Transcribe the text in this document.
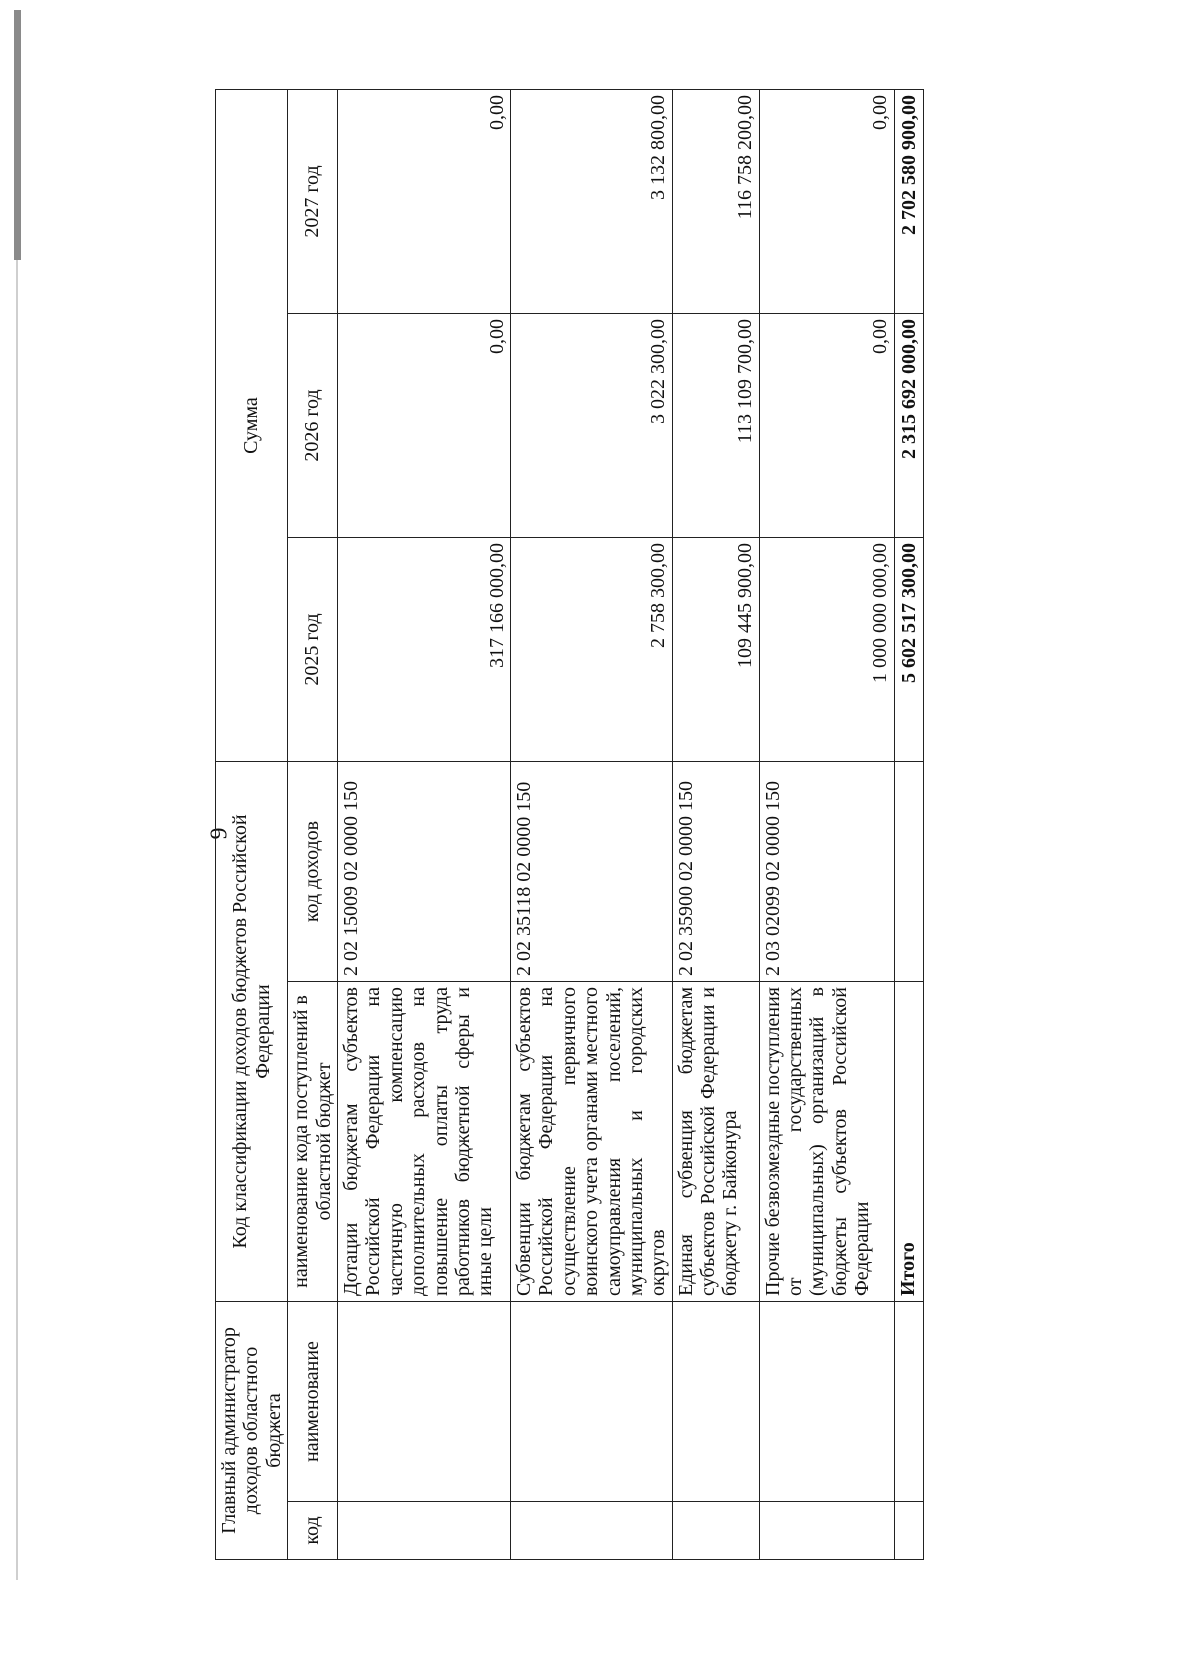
9
Главный администратор доходов областного бюджета		Код классификации доходов бюджетов Российской Федерации		Сумма		
код	наименование	наименование кода поступлений в областной бюджет	код доходов	2025 год	2026 год	2027 год
		Дотации бюджетам субъектов Российской Федерации на частичную компенсацию дополнительных расходов на повышение оплаты труда работников бюджетной сферы и иные цели	2 02 15009 02 0000 150	317 166 000,00	0,00	0,00
		Субвенции бюджетам субъектов Российской Федерации на осуществление первичного воинского учета органами местного самоуправления поселений, муниципальных и городских округов	2 02 35118 02 0000 150	2 758 300,00	3 022 300,00	3 132 800,00
		Единая субвенция бюджетам субъектов Российской Федерации и бюджету г. Байконура	2 02 35900 02 0000 150	109 445 900,00	113 109 700,00	116 758 200,00
		Прочие безвозмездные поступления от государственных (муниципальных) организаций в бюджеты субъектов Российской Федерации	2 03 02099 02 0000 150	1 000 000 000,00	0,00	0,00
		Итого		5 602 517 300,00	2 315 692 000,00	2 702 580 900,00
